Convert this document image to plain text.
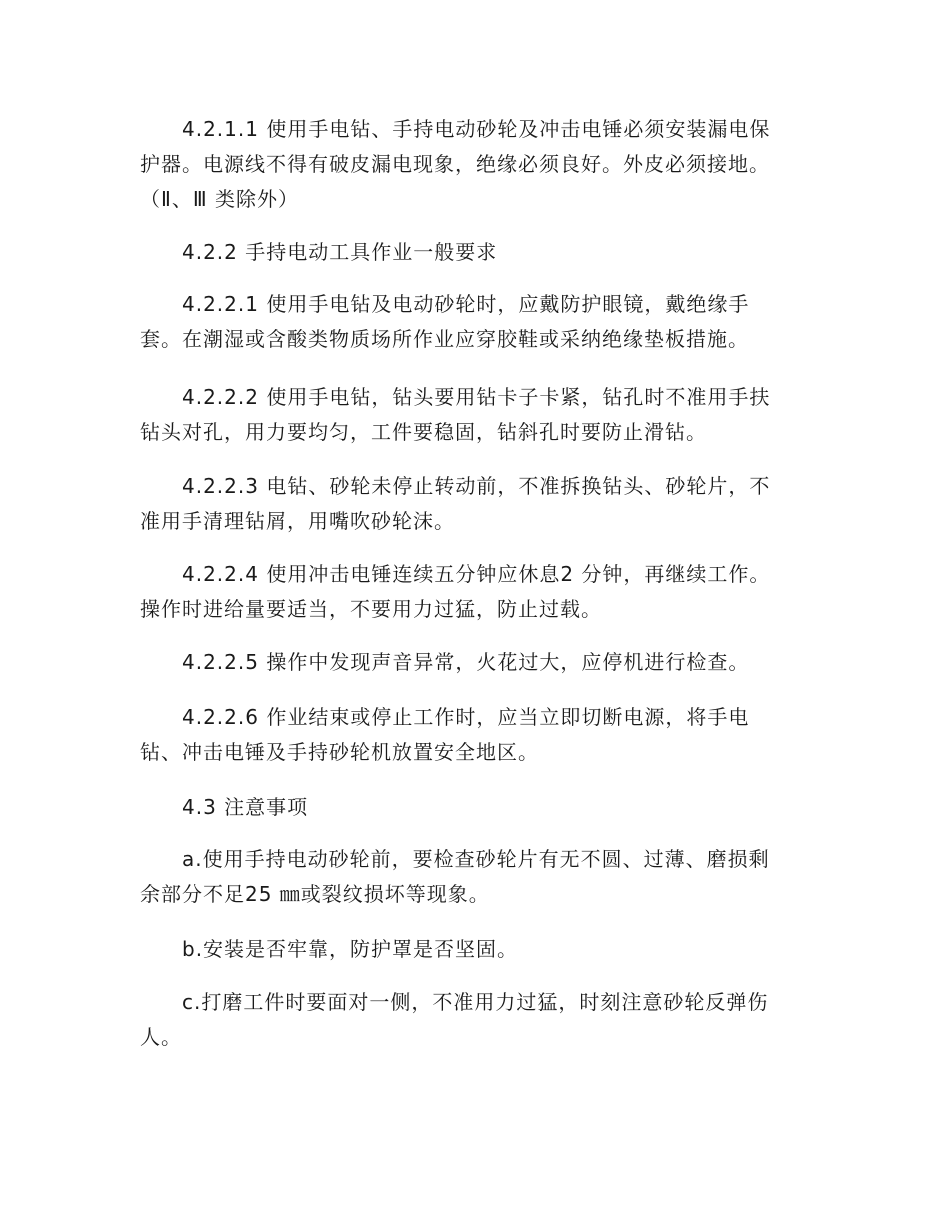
4.2.1.1 使用手电钻、手持电动砂轮及冲击电锤必须安装漏电保
护器。电源线不得有破皮漏电现象，绝缘必须良好。外皮必须接地。
（Ⅱ、Ⅲ 类除外）
4.2.2 手持电动工具作业一般要求
4.2.2.1 使用手电钻及电动砂轮时，应戴防护眼镜，戴绝缘手
套。在潮湿或含酸类物质场所作业应穿胶鞋或采纳绝缘垫板措施。
4.2.2.2 使用手电钻，钻头要用钻卡子卡紧，钻孔时不准用手扶
钻头对孔，用力要均匀，工件要稳固，钻斜孔时要防止滑钻。
4.2.2.3 电钻、砂轮未停止转动前，不准拆换钻头、砂轮片，不
准用手清理钻屑，用嘴吹砂轮沫。
4.2.2.4 使用冲击电锤连续五分钟应休息2 分钟，再继续工作。
操作时进给量要适当，不要用力过猛，防止过载。
4.2.2.5 操作中发现声音异常，火花过大，应停机进行检查。
4.2.2.6 作业结束或停止工作时，应当立即切断电源，将手电
钻、冲击电锤及手持砂轮机放置安全地区。
4.3 注意事项
a.使用手持电动砂轮前，要检查砂轮片有无不圆、过薄、磨损剩
余部分不足25 ㎜或裂纹损坏等现象。
b.安装是否牢靠，防护罩是否坚固。
c.打磨工件时要面对一侧，不准用力过猛，时刻注意砂轮反弹伤
人。
